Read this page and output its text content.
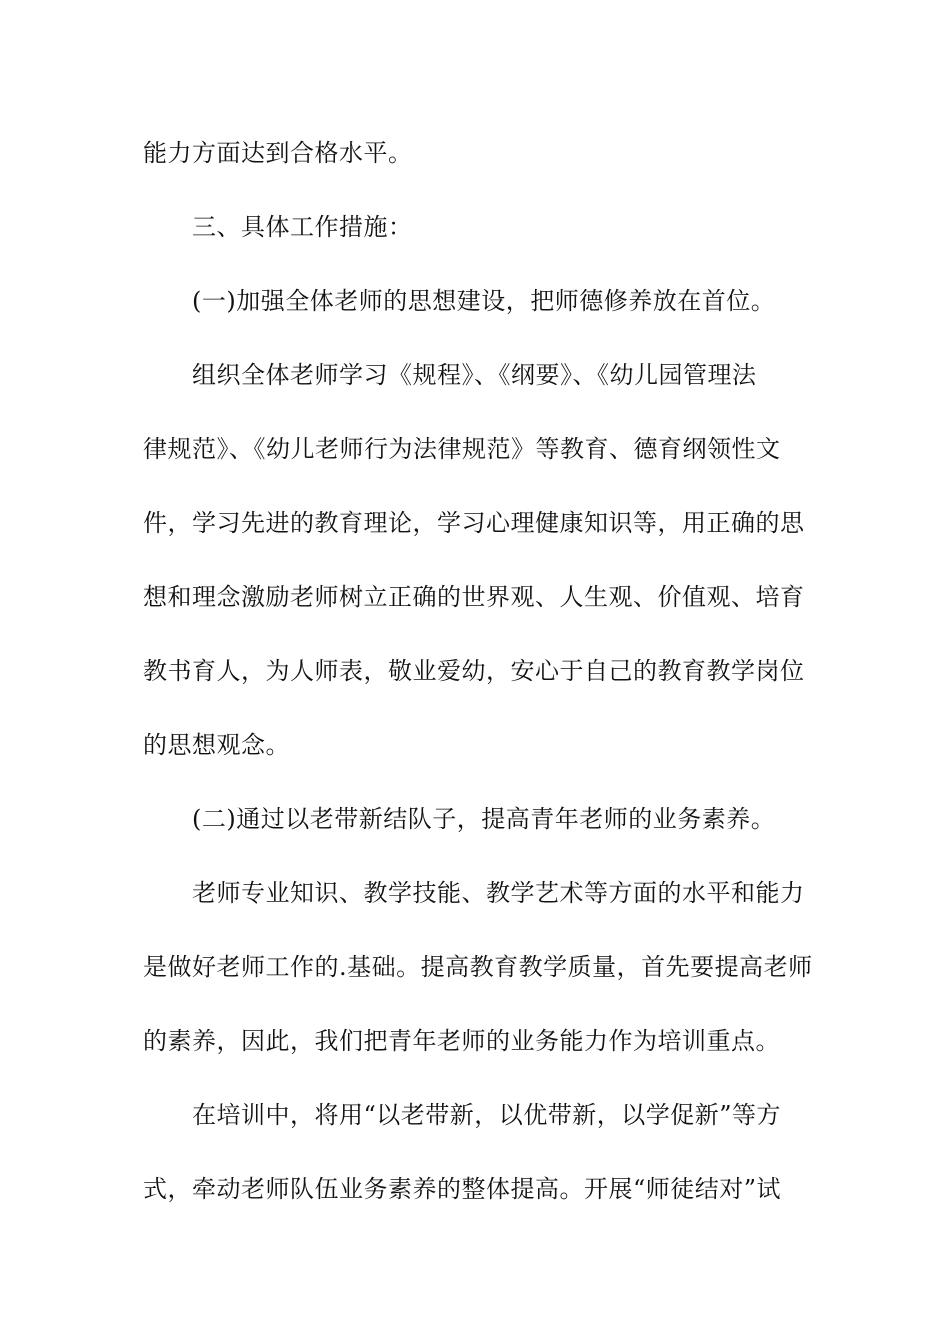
能力方面达到合格水平。
三、具体工作措施：
(一)加强全体老师的思想建设，把师德修养放在首位。
组织全体老师学习《规程》、《纲要》、《幼儿园管理法
律规范》、《幼儿老师行为法律规范》等教育、德育纲领性文
件，学习先进的教育理论，学习心理健康知识等，用正确的思
想和理念激励老师树立正确的世界观、人生观、价值观、培育
教书育人，为人师表，敬业爱幼，安心于自己的教育教学岗位
的思想观念。
(二)通过以老带新结队子，提高青年老师的业务素养。
老师专业知识、教学技能、教学艺术等方面的水平和能力
是做好老师工作的.基础。提高教育教学质量，首先要提高老师
的素养，因此，我们把青年老师的业务能力作为培训重点。
在培训中，将用“以老带新，以优带新，以学促新”等方
式，牵动老师队伍业务素养的整体提高。开展“师徒结对”试
